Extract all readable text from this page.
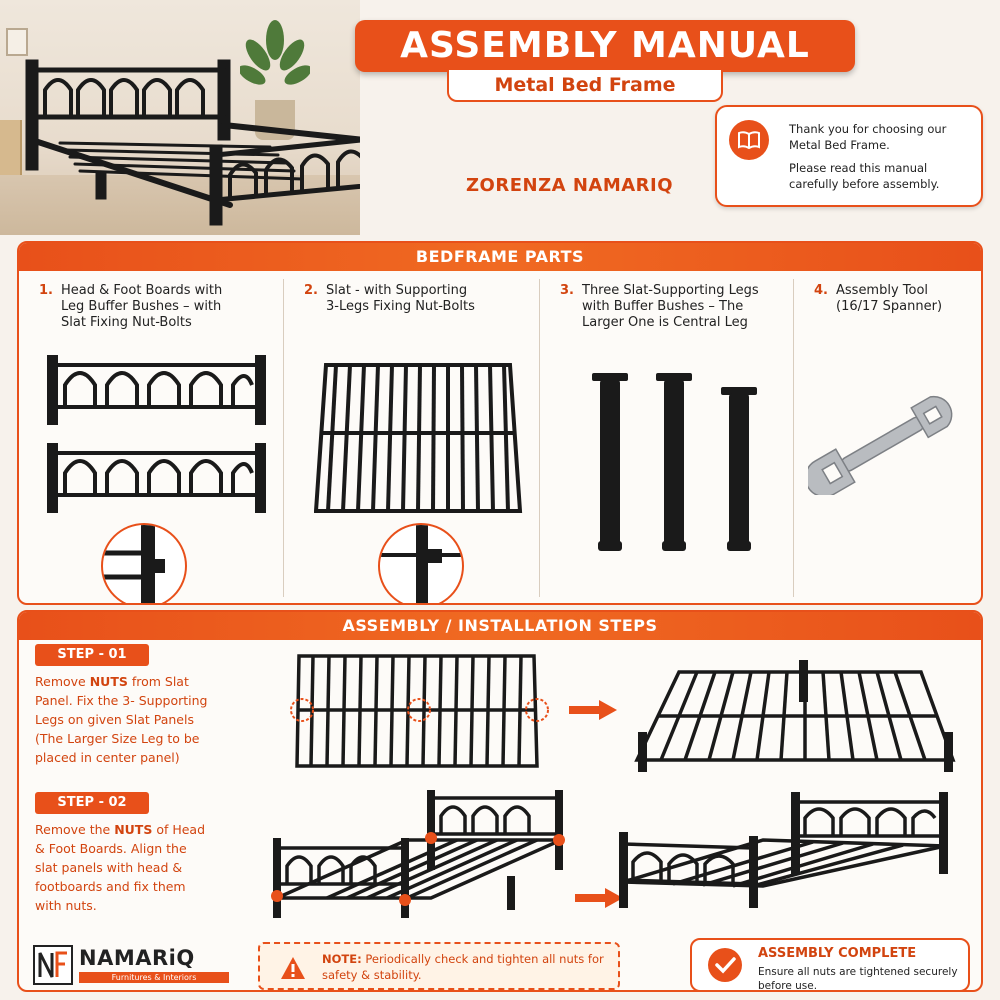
ASSEMBLY MANUAL
Metal Bed Frame
ZORENZA NAMARIQ
Thank you for choosing our Metal Bed Frame.
Please read this manual carefully before assembly.
BEDFRAME PARTS
1. Head & Foot Boards with
Leg Buffer Bushes – with
Slat Fixing Nut-Bolts
2. Slat - with Supporting
3-Legs Fixing Nut-Bolts
3. Three Slat-Supporting Legs
with Buffer Bushes – The
Larger One is Central Leg
4. Assembly Tool
(16/17 Spanner)
ASSEMBLY / INSTALLATION STEPS
STEP - 01
Remove NUTS from Slat
Panel. Fix the 3- Supporting
Legs on given Slat Panels
(The Larger Size Leg to be
placed in center panel)
STEP - 02
Remove the NUTS of Head
& Foot Boards. Align the
slat panels with head &
footboards and fix them
with nuts.
NAMARiQ
Furnitures & Interiors
NOTE: Periodically check and tighten all nuts for safety & stability.
ASSEMBLY COMPLETE
Ensure all nuts are tightened securely before use.
